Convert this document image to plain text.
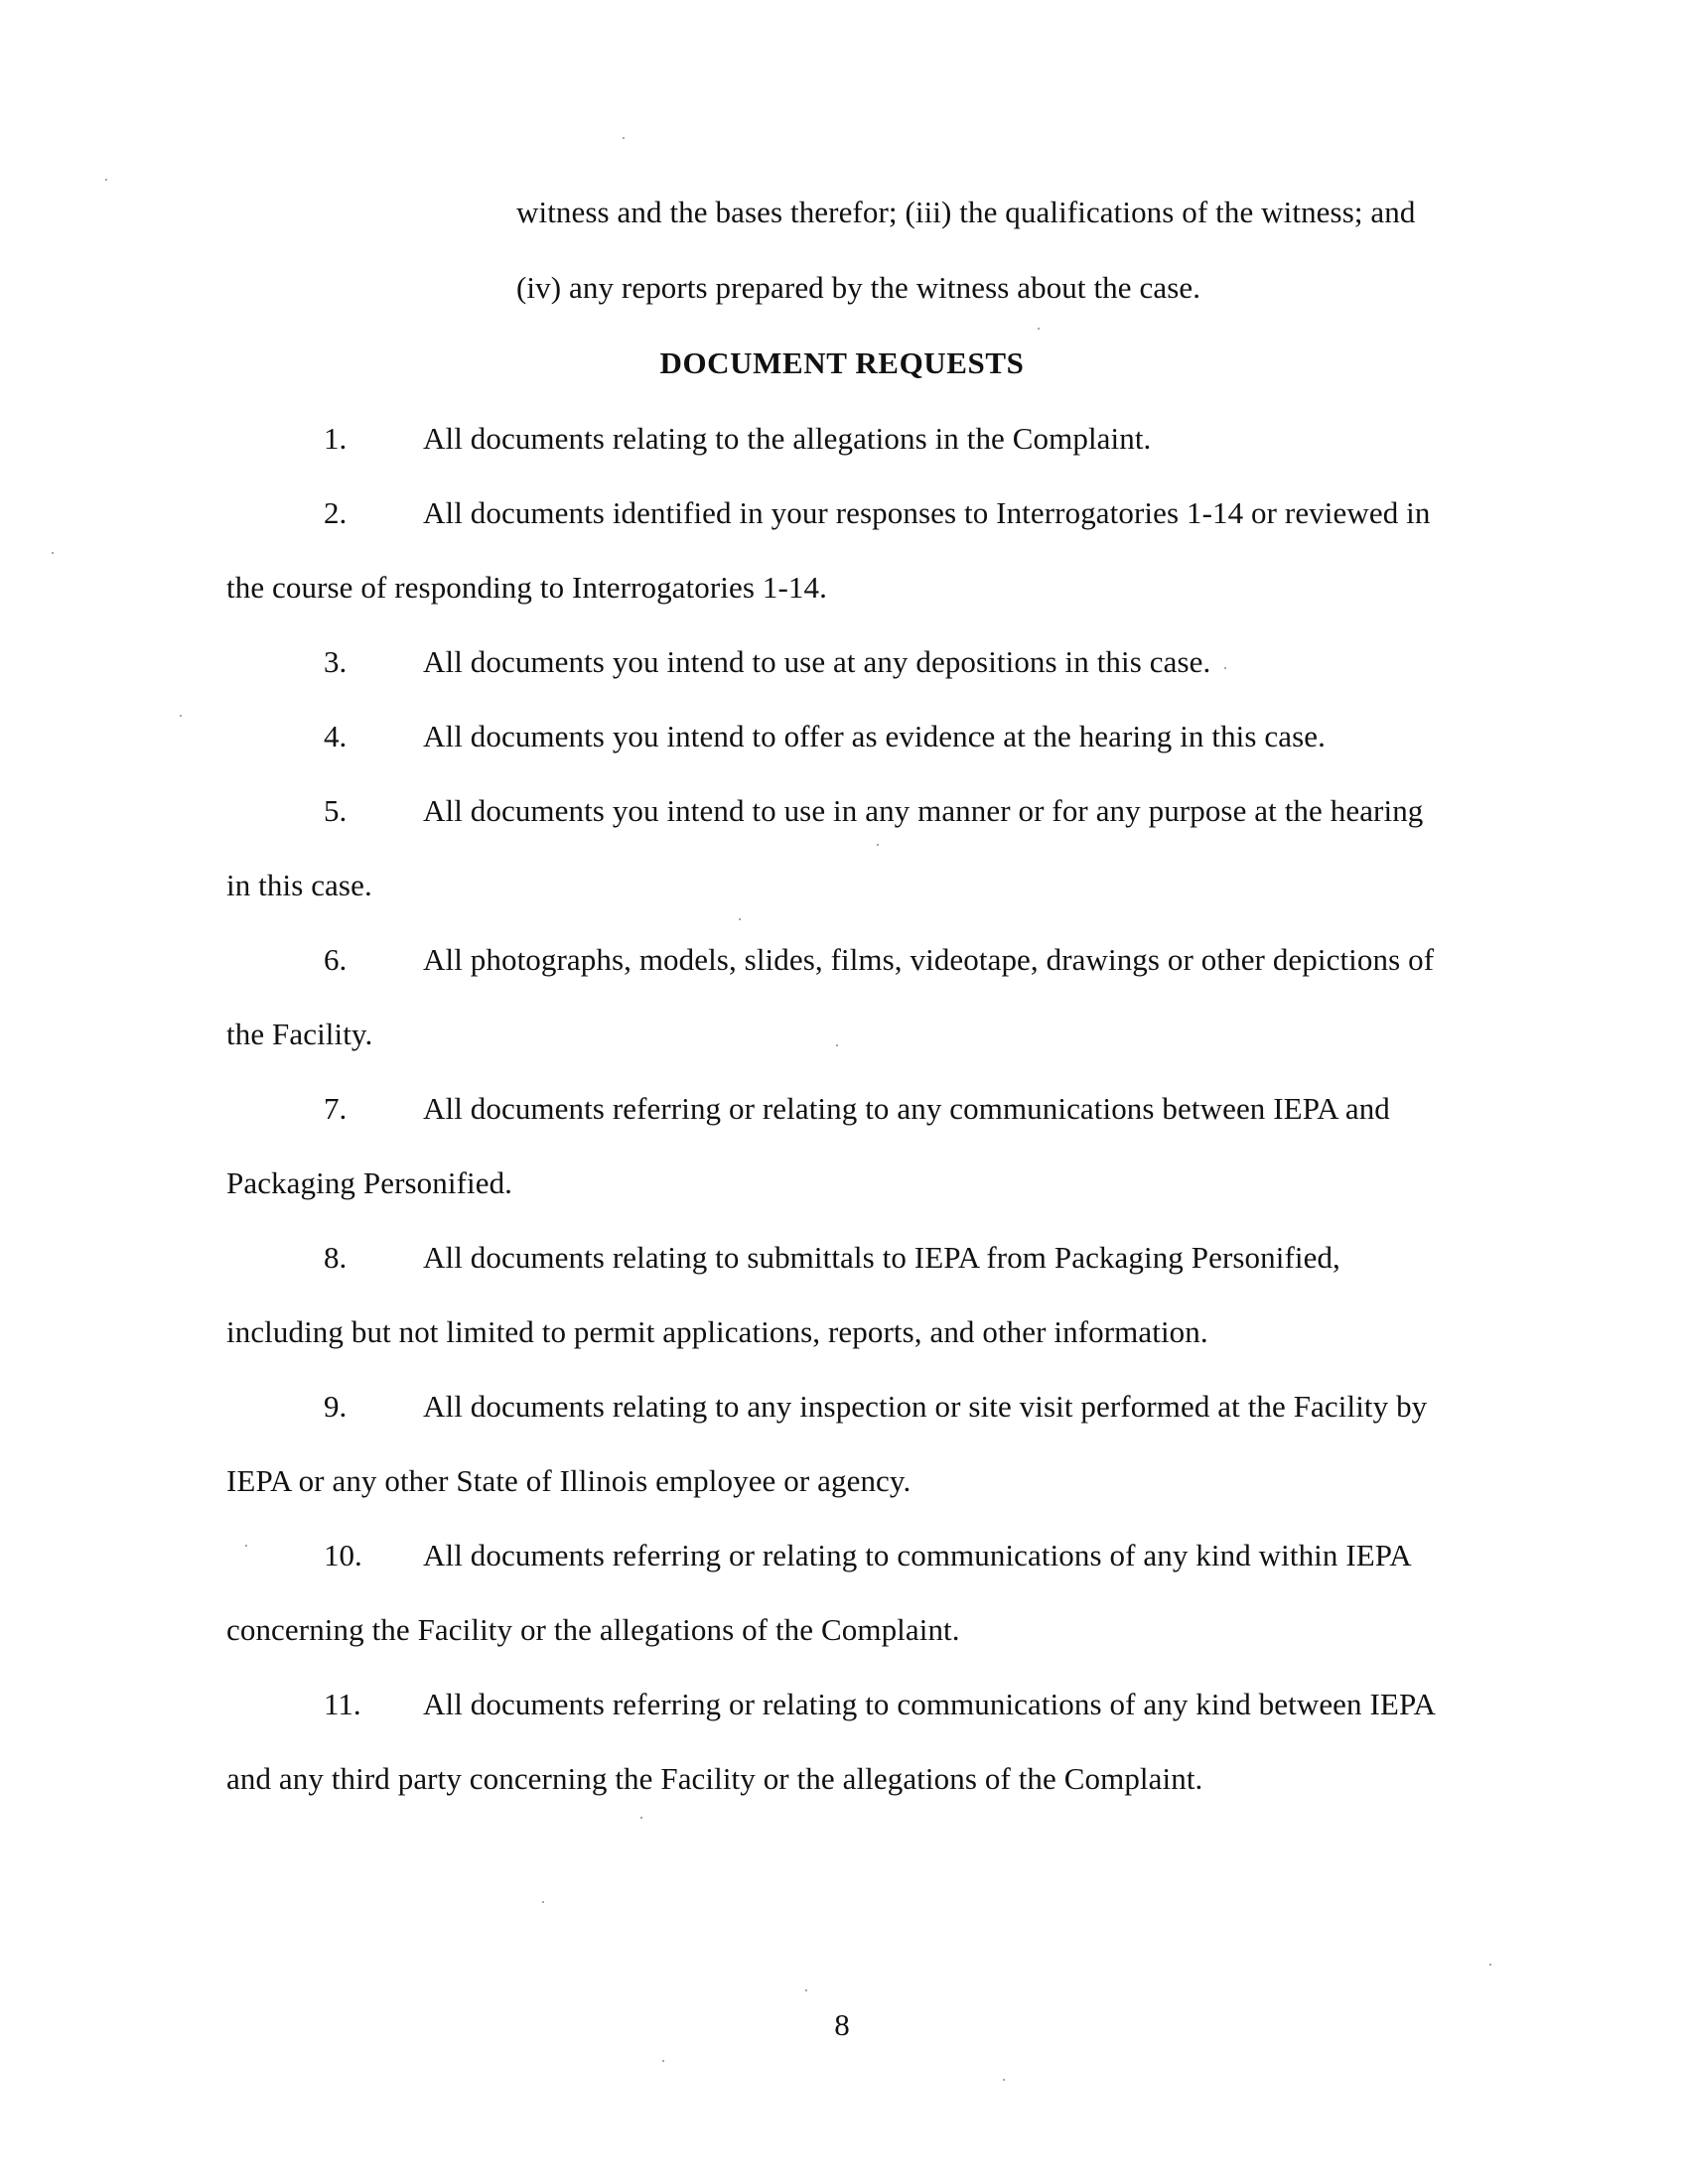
witness and the bases therefor; (iii) the qualifications of the witness; and
(iv) any reports prepared by the witness about the case.
DOCUMENT REQUESTS
1. All documents relating to the allegations in the Complaint.
2. All documents identified in your responses to Interrogatories 1-14 or reviewed in
the course of responding to Interrogatories 1-14.
3. All documents you intend to use at any depositions in this case.
4. All documents you intend to offer as evidence at the hearing in this case.
5. All documents you intend to use in any manner or for any purpose at the hearing
in this case.
6. All photographs, models, slides, films, videotape, drawings or other depictions of
the Facility.
7. All documents referring or relating to any communications between IEPA and
Packaging Personified.
8. All documents relating to submittals to IEPA from Packaging Personified,
including but not limited to permit applications, reports, and other information.
9. All documents relating to any inspection or site visit performed at the Facility by
IEPA or any other State of Illinois employee or agency.
10. All documents referring or relating to communications of any kind within IEPA
concerning the Facility or the allegations of the Complaint.
11. All documents referring or relating to communications of any kind between IEPA
and any third party concerning the Facility or the allegations of the Complaint.
8
